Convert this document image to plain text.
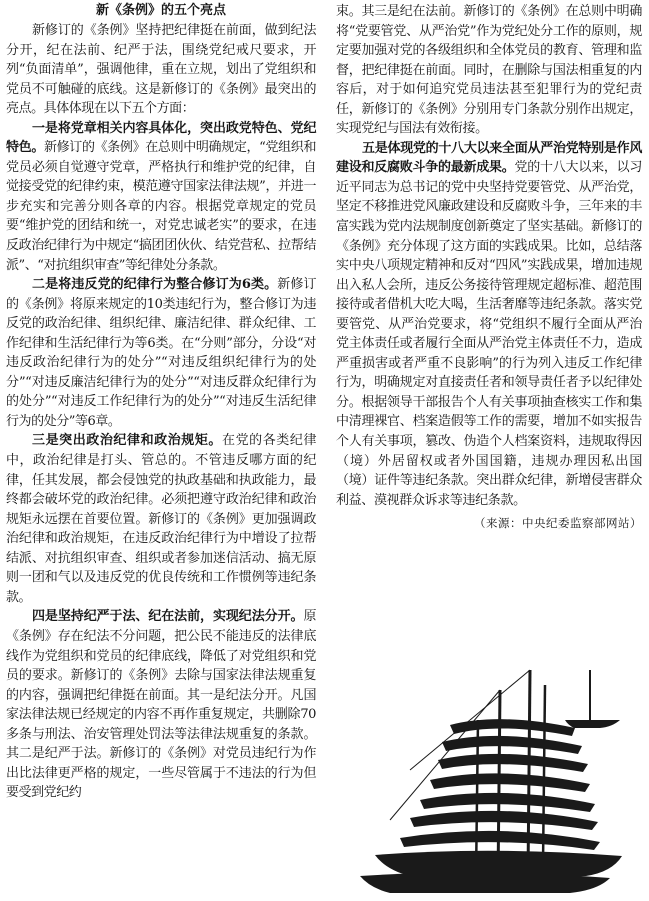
新《条例》的五个亮点

新修订的《条例》坚持把纪律挺在前面，做到纪法分开，纪在法前、纪严于法，围绕党纪戒尺要求，开列“负面清单”，强调他律，重在立规，划出了党组织和党员不可触碰的底线。这是新修订的《条例》最突出的亮点。具体体现在以下五个方面：

一是将党章相关内容具体化，突出政党特色、党纪特色。新修订的《条例》在总则中明确规定，“党组织和党员必须自觉遵守党章，严格执行和维护党的纪律，自觉接受党的纪律约束，模范遵守国家法律法规”，并进一步充实和完善分则各章的内容。根据党章规定的党员要“维护党的团结和统一，对党忠诚老实”的要求，在违反政治纪律行为中规定“搞团团伙伙、结党营私、拉帮结派”、“对抗组织审查”等纪律处分条款。

二是将违反党的纪律行为整合修订为6类。新修订的《条例》将原来规定的10类违纪行为，整合修订为违反党的政治纪律、组织纪律、廉洁纪律、群众纪律、工作纪律和生活纪律行为等6类。在“分则”部分，分设“对违反政治纪律行为的处分”“对违反组织纪律行为的处分”“对违反廉洁纪律行为的处分”“对违反群众纪律行为的处分”“对违反工作纪律行为的处分”“对违反生活纪律行为的处分”等6章。

三是突出政治纪律和政治规矩。在党的各类纪律中，政治纪律是打头、管总的。不管违反哪方面的纪律，任其发展，都会侵蚀党的执政基础和执政能力，最终都会破坏党的政治纪律。必须把遵守政治纪律和政治规矩永远摆在首要位置。新修订的《条例》更加强调政治纪律和政治规矩，在违反政治纪律行为中增设了拉帮结派、对抗组织审查、组织或者参加迷信活动、搞无原则一团和气以及违反党的优良传统和工作惯例等违纪条款。

四是坚持纪严于法、纪在法前，实现纪法分开。原《条例》存在纪法不分问题，把公民不能违反的法律底线作为党组织和党员的纪律底线，降低了对党组织和党员的要求。新修订的《条例》去除与国家法律法规重复的内容，强调把纪律挺在前面。其一是纪法分开。凡国家法律法规已经规定的内容不再作重复规定，共删除70多条与刑法、治安管理处罚法等法律法规重复的条款。其二是纪严于法。新修订的《条例》对党员违纪行为作出比法律更严格的规定，一些尽管属于不违法的行为但要受到党纪约

束。其三是纪在法前。新修订的《条例》在总则中明确将“党要管党、从严治党”作为党纪处分工作的原则，规定要加强对党的各级组织和全体党员的教育、管理和监督，把纪律挺在前面。同时，在删除与国法相重复的内容后，对于如何追究党员违法甚至犯罪行为的党纪责任，新修订的《条例》分别用专门条款分别作出规定，实现党纪与国法有效衔接。

五是体现党的十八大以来全面从严治党特别是作风建设和反腐败斗争的最新成果。党的十八大以来，以习近平同志为总书记的党中央坚持党要管党、从严治党，坚定不移推进党风廉政建设和反腐败斗争，三年来的丰富实践为党内法规制度创新奠定了坚实基础。新修订的《条例》充分体现了这方面的实践成果。比如，总结落实中央八项规定精神和反对“四风”实践成果，增加违规出入私人会所，违反公务接待管理规定超标准、超范围接待或者借机大吃大喝，生活奢靡等违纪条款。落实党要管党、从严治党要求，将“党组织不履行全面从严治党主体责任或者履行全面从严治党主体责任不力，造成严重损害或者严重不良影响”的行为列入违反工作纪律行为，明确规定对直接责任者和领导责任者予以纪律处分。根据领导干部报告个人有关事项抽查核实工作和集中清理裸官、档案造假等工作的需要，增加不如实报告个人有关事项，篡改、伪造个人档案资料，违规取得因（境）外居留权或者外国国籍，违规办理因私出国（境）证件等违纪条款。突出群众纪律，新增侵害群众利益、漠视群众诉求等违纪条款。

（来源：中央纪委监察部网站）
